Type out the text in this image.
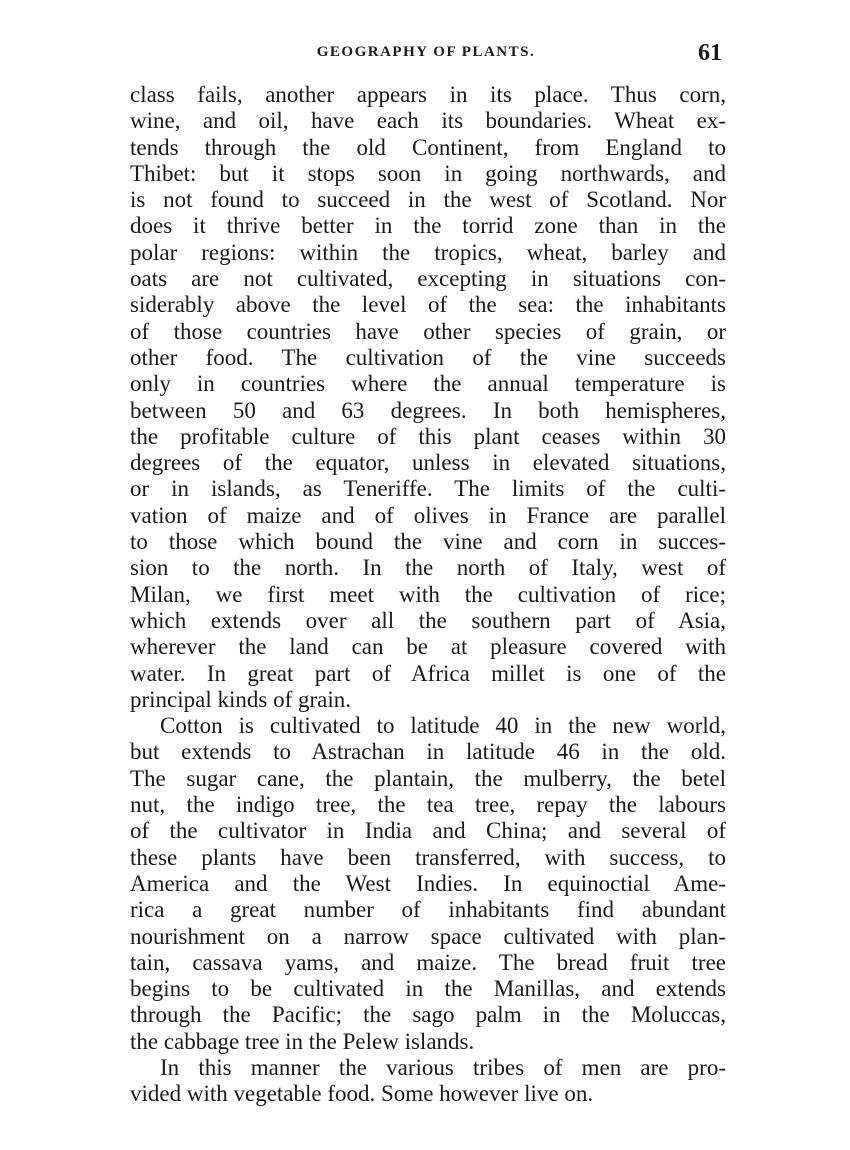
GEOGRAPHY OF PLANTS.	61
class fails, another appears in its place. Thus corn,
wine, and oil, have each its boundaries. Wheat ex-
tends through the old Continent, from England to
Thibet: but it stops soon in going northwards, and
is not found to succeed in the west of Scotland. Nor
does it thrive better in the torrid zone than in the
polar regions: within the tropics, wheat, barley and
oats are not cultivated, excepting in situations con-
siderably above the level of the sea: the inhabitants
of those countries have other species of grain, or
other food. The cultivation of the vine succeeds
only in countries where the annual temperature is
between 50 and 63 degrees. In both hemispheres,
the profitable culture of this plant ceases within 30
degrees of the equator, unless in elevated situations,
or in islands, as Teneriffe. The limits of the culti-
vation of maize and of olives in France are parallel
to those which bound the vine and corn in succes-
sion to the north. In the north of Italy, west of
Milan, we first meet with the cultivation of rice;
which extends over all the southern part of Asia,
wherever the land can be at pleasure covered with
water. In great part of Africa millet is one of the
principal kinds of grain.
Cotton is cultivated to latitude 40 in the new world,
but extends to Astrachan in latitude 46 in the old.
The sugar cane, the plantain, the mulberry, the betel
nut, the indigo tree, the tea tree, repay the labours
of the cultivator in India and China; and several of
these plants have been transferred, with success, to
America and the West Indies. In equinoctial Ame-
rica a great number of inhabitants find abundant
nourishment on a narrow space cultivated with plan-
tain, cassava yams, and maize. The bread fruit tree
begins to be cultivated in the Manillas, and extends
through the Pacific; the sago palm in the Moluccas,
the cabbage tree in the Pelew islands.
In this manner the various tribes of men are pro-
vided with vegetable food. Some however live on.
